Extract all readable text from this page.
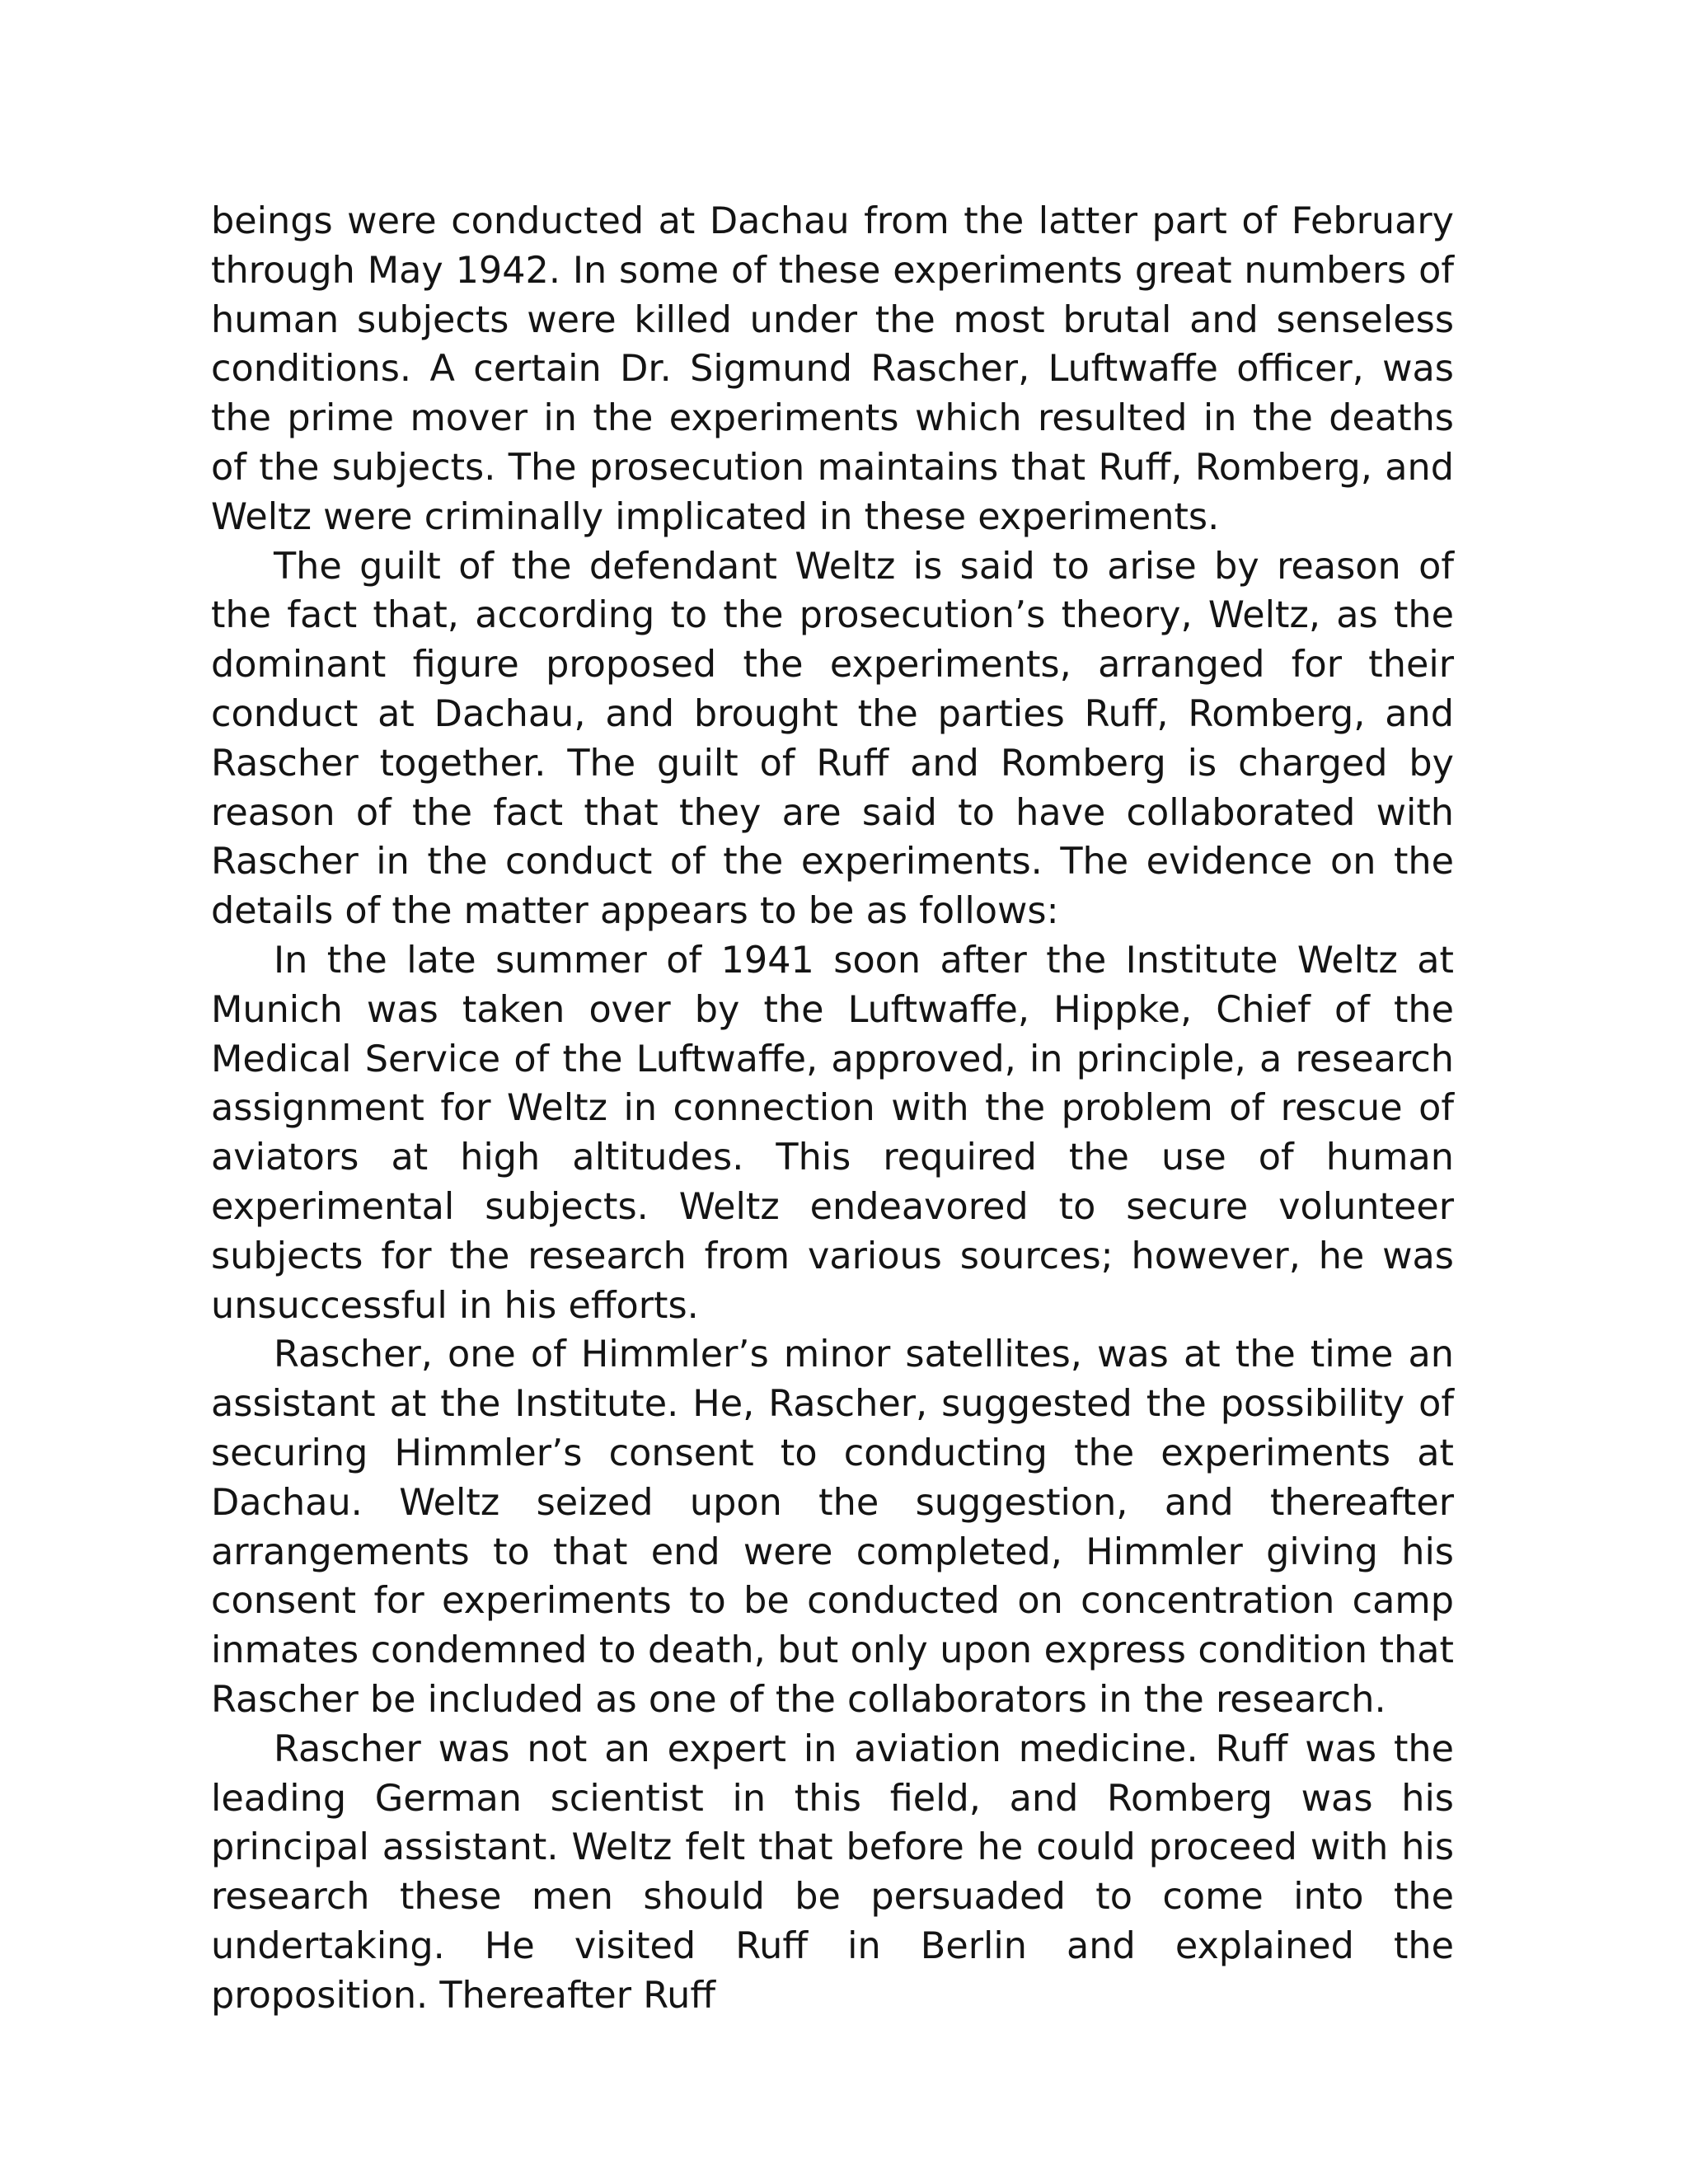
beings were conducted at Dachau from the latter part of February through May 1942. In some of these experiments great numbers of human subjects were killed under the most brutal and senseless conditions. A certain Dr. Sigmund Rascher, Luftwaffe officer, was the prime mover in the experiments which resulted in the deaths of the subjects. The prosecution maintains that Ruff, Romberg, and Weltz were criminally implicated in these experiments.

The guilt of the defendant Weltz is said to arise by reason of the fact that, according to the prosecution’s theory, Weltz, as the dominant figure proposed the experiments, arranged for their conduct at Dachau, and brought the parties Ruff, Romberg, and Rascher together. The guilt of Ruff and Romberg is charged by reason of the fact that they are said to have collaborated with Rascher in the conduct of the experiments. The evidence on the details of the matter appears to be as follows:

In the late summer of 1941 soon after the Institute Weltz at Munich was taken over by the Luftwaffe, Hippke, Chief of the Medical Service of the Luftwaffe, approved, in principle, a research assignment for Weltz in connection with the problem of rescue of aviators at high altitudes. This required the use of human experimental subjects. Weltz endeavored to secure volunteer subjects for the research from various sources; however, he was unsuccessful in his efforts.

Rascher, one of Himmler’s minor satellites, was at the time an assistant at the Institute. He, Rascher, suggested the possibility of securing Himmler’s consent to conducting the experiments at Dachau. Weltz seized upon the suggestion, and thereafter arrangements to that end were completed, Himmler giving his consent for experiments to be conducted on concentration camp inmates condemned to death, but only upon express condition that Rascher be included as one of the collaborators in the research.

Rascher was not an expert in aviation medicine. Ruff was the leading German scientist in this field, and Romberg was his principal assistant. Weltz felt that before he could proceed with his research these men should be persuaded to come into the undertaking. He visited Ruff in Berlin and explained the proposition. Thereafter Ruff
